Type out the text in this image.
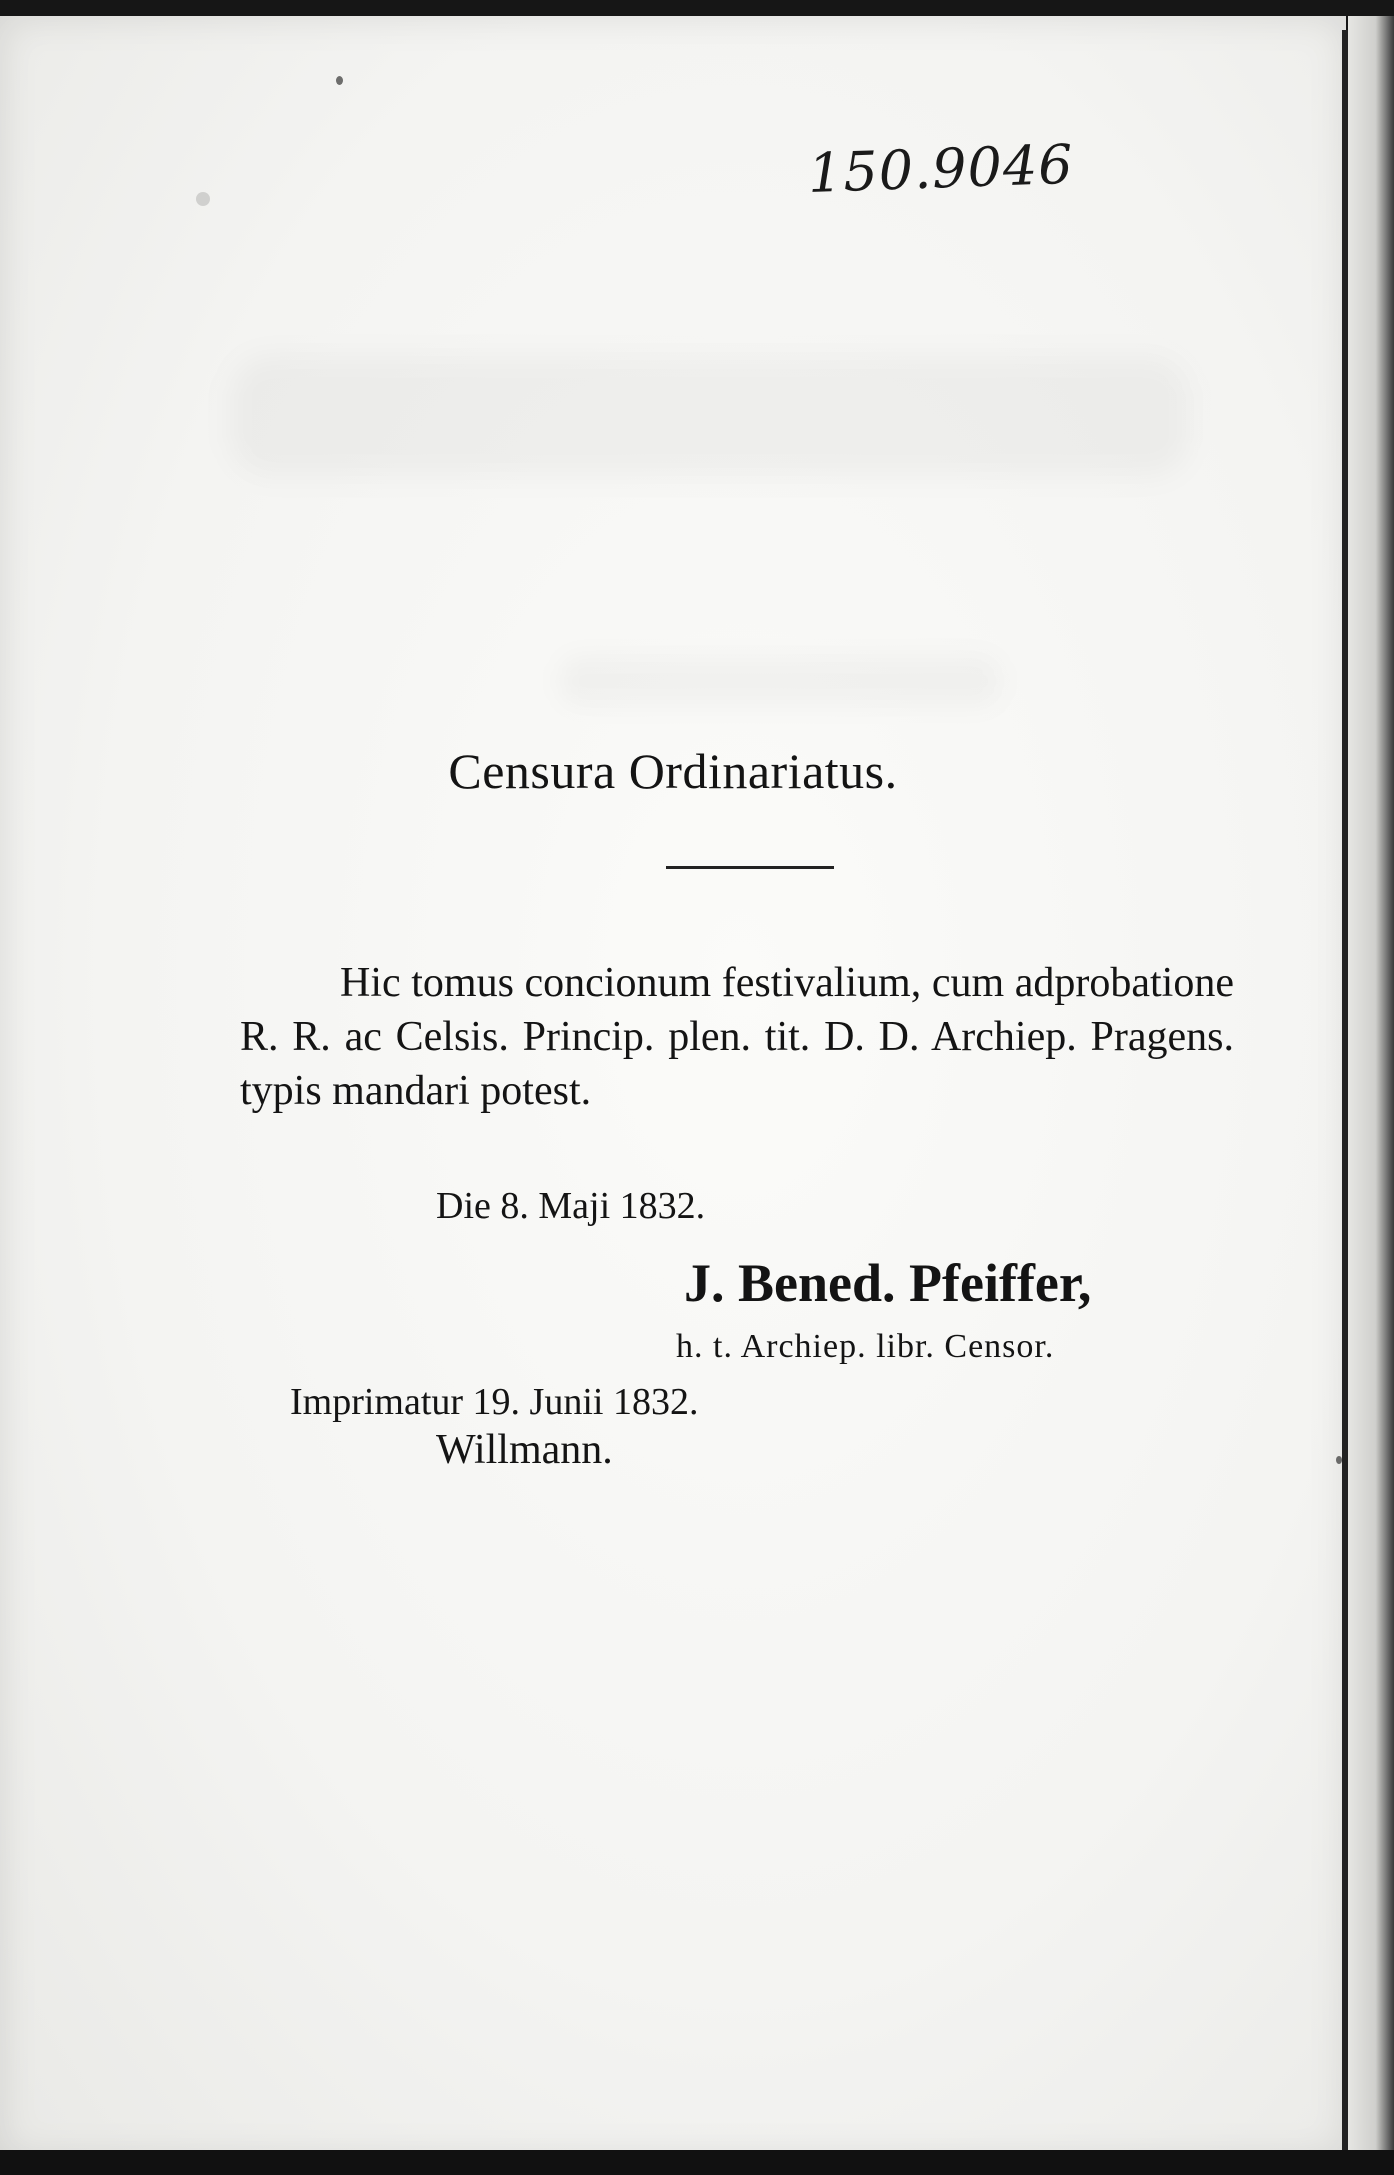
150.9046
Censura Ordinariatus.
Hic tomus concionum festivalium, cum adprobatione R. R. ac Celsis. Princip. plen. tit. D. D. Archiep. Pragens. typis mandari potest.
Die 8. Maji 1832.
J. Bened. Pfeiffer,
h. t. Archiep. libr. Censor.
Imprimatur 19. Junii 1832.
Willmann.
